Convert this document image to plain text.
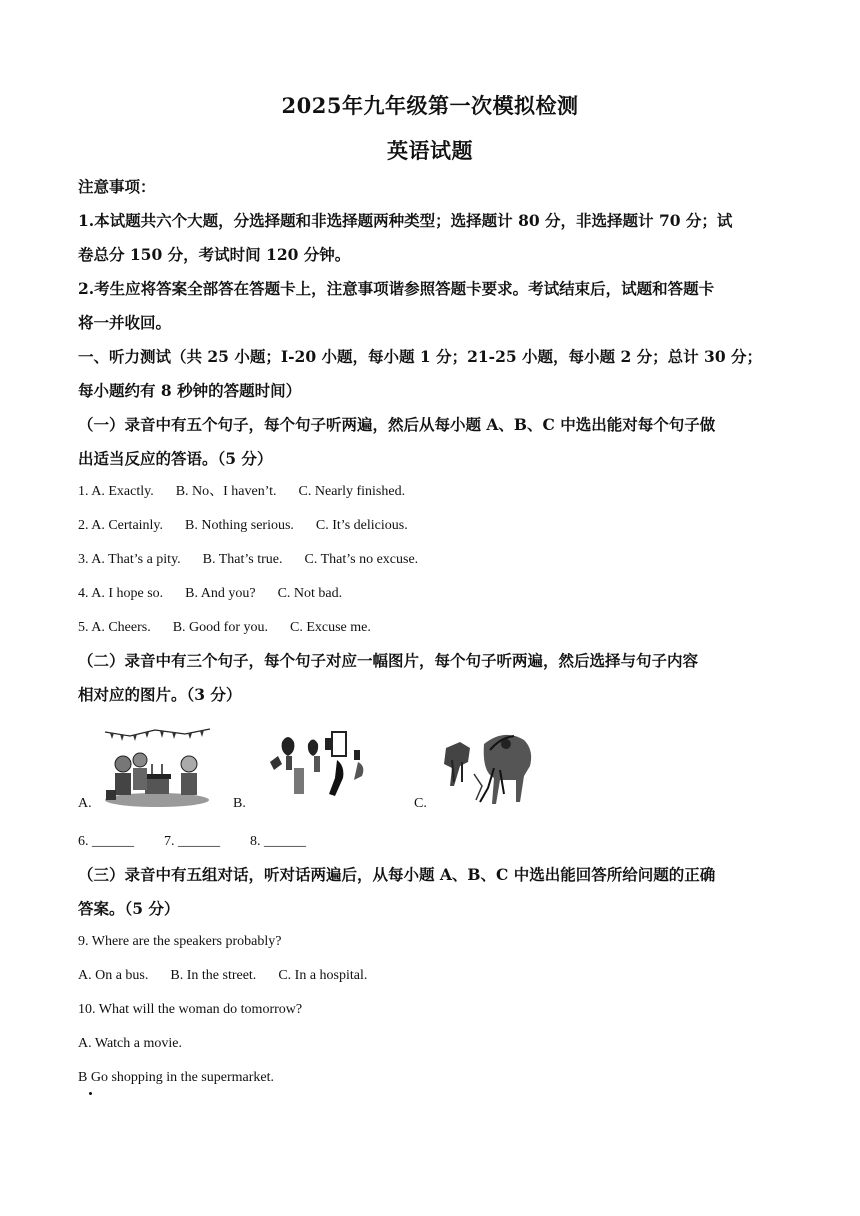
2025年九年级第一次模拟检测
英语试题
注意事项：
1.本试题共六个大题，分选择题和非选择题两种类型；选择题计 80 分，非选择题计 70 分；试
卷总分 150 分，考试时间 120 分钟。
2.考生应将答案全部答在答题卡上，注意事项谐参照答题卡要求。考试结束后，试题和答题卡
将一并收回。
一、听力测试（共 25 小题；I-20 小题，每小题 1 分；21-25 小题，每小题 2 分；总计 30 分；
每小题约有 8 秒钟的答题时间）
（一）录音中有五个句子，每个句子听两遍，然后从每小题 A、B、C 中选出能对每个句子做
出适当反应的答语。（5 分）
1. A. Exactly. B. No、I haven’t. C. Nearly finished.
2. A. Certainly. B. Nothing serious. C. It’s delicious.
3. A. That’s a pity. B. That’s true. C. That’s no excuse.
4. A. I hope so. B. And you? C. Not bad.
5. A. Cheers. B. Good for you. C. Excuse me.
（二）录音中有三个句子，每个句子对应一幅图片，每个句子听两遍，然后选择与句子内容
相对应的图片。（3 分）
A.	B.	C.
6. ______ 7. ______ 8. ______
（三）录音中有五组对话，听对话两遍后，从每小题 A、B、C 中选出能回答所给问题的正确
答案。（5 分）
9. Where are the speakers probably?
A. On a bus. B. In the street. C. In a hospital.
10. What will the woman do tomorrow?
A. Watch a movie.
B Go shopping in the supermarket.
